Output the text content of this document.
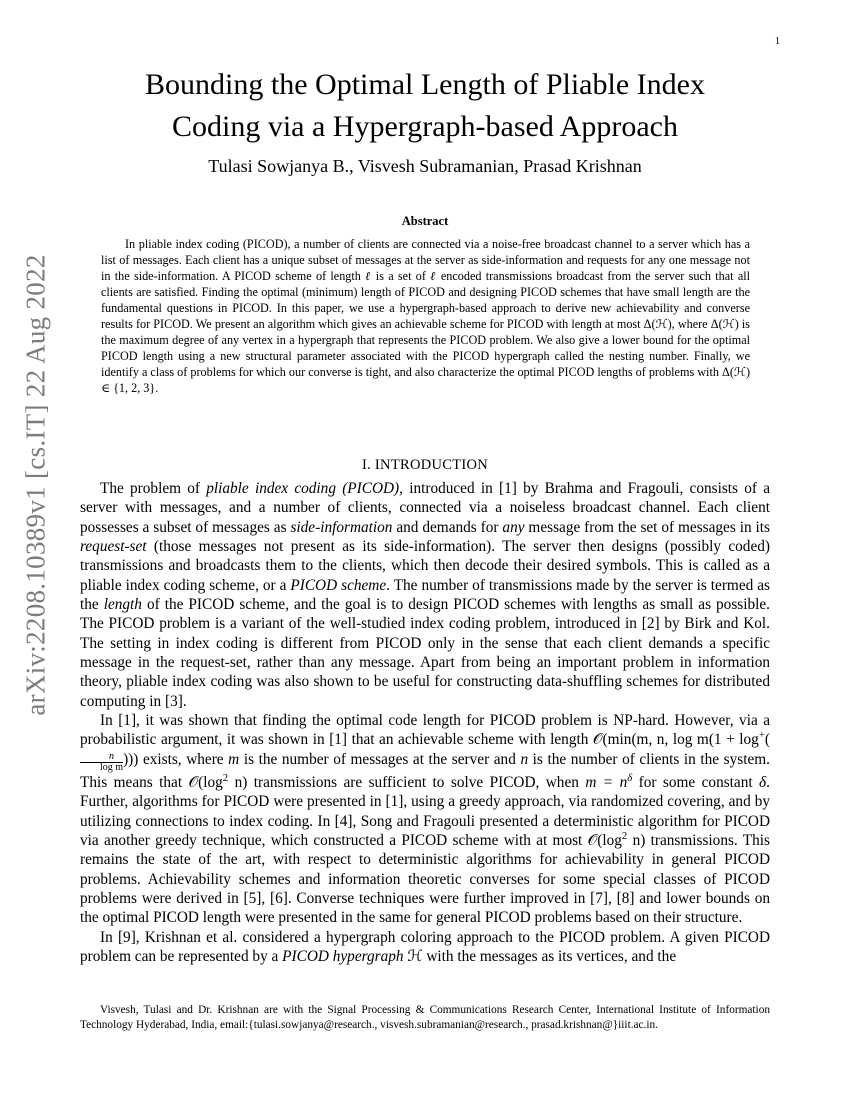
1
arXiv:2208.10389v1 [cs.IT] 22 Aug 2022
Bounding the Optimal Length of Pliable Index
Coding via a Hypergraph-based Approach
Tulasi Sowjanya B., Visvesh Subramanian, Prasad Krishnan
Abstract
In pliable index coding (PICOD), a number of clients are connected via a noise-free broadcast channel to a server which has a list of messages. Each client has a unique subset of messages at the server as side-information and requests for any one message not in the side-information. A PICOD scheme of length ℓ is a set of ℓ encoded transmissions broadcast from the server such that all clients are satisfied. Finding the optimal (minimum) length of PICOD and designing PICOD schemes that have small length are the fundamental questions in PICOD. In this paper, we use a hypergraph-based approach to derive new achievability and converse results for PICOD. We present an algorithm which gives an achievable scheme for PICOD with length at most Δ(ℋ), where Δ(ℋ) is the maximum degree of any vertex in a hypergraph that represents the PICOD problem. We also give a lower bound for the optimal PICOD length using a new structural parameter associated with the PICOD hypergraph called the nesting number. Finally, we identify a class of problems for which our converse is tight, and also characterize the optimal PICOD lengths of problems with Δ(ℋ) ∈ {1, 2, 3}.
I. INTRODUCTION

The problem of pliable index coding (PICOD), introduced in [1] by Brahma and Fragouli, consists of a server with messages, and a number of clients, connected via a noiseless broadcast channel. Each client possesses a subset of messages as side-information and demands for any message from the set of messages in its request-set (those messages not present as its side-information). The server then designs (possibly coded) transmissions and broadcasts them to the clients, which then decode their desired symbols. This is called as a pliable index coding scheme, or a PICOD scheme. The number of transmissions made by the server is termed as the length of the PICOD scheme, and the goal is to design PICOD schemes with lengths as small as possible. The PICOD problem is a variant of the well-studied index coding problem, introduced in [2] by Birk and Kol. The setting in index coding is different from PICOD only in the sense that each client demands a specific message in the request-set, rather than any message. Apart from being an important problem in information theory, pliable index coding was also shown to be useful for constructing data-shuffling schemes for distributed computing in [3].

In [1], it was shown that finding the optimal code length for PICOD problem is NP-hard. However, via a probabilistic argument, it was shown in [1] that an achievable scheme with length 𝒪(min(m, n, log m(1 + log+(
$\frac{n}{\text{log m}}$ ))) exists, where m is the number of messages at the server and n is the number of clients in the system. This means that $𝒪(\log^2$ n) transmissions are sufficient to solve PICOD, when $m = n^\delta$ for some constant δ. Further, algorithms for PICOD were presented in [1], using a greedy approach, via randomized covering, and by utilizing connections to index coding. In [4], Song and Fragouli presented a deterministic algorithm for PICOD via another greedy technique, which constructed a PICOD scheme with at most $𝒪(\log^2$ n) transmissions. This remains the state of the art, with respect to deterministic algorithms for achievability in general PICOD problems. Achievability schemes and information theoretic converses for some special classes of PICOD problems were derived in [5], [6]. Converse techniques were further improved in [7], [8] and lower bounds on the optimal PICOD length were presented in the same for general PICOD problems based on their structure.

In [9], Krishnan et al. considered a hypergraph coloring approach to the PICOD problem. A given PICOD problem can be represented by a PICOD hypergraph ℋ with the messages as its vertices, and the

Visvesh, Tulasi and Dr. Krishnan are with the Signal Processing & Communications Research Center, International Institute of Information Technology Hyderabad, India, email:{tulasi.sowjanya@research., visvesh.subramanian@research., prasad.krishnan@}iiit.ac.in.
